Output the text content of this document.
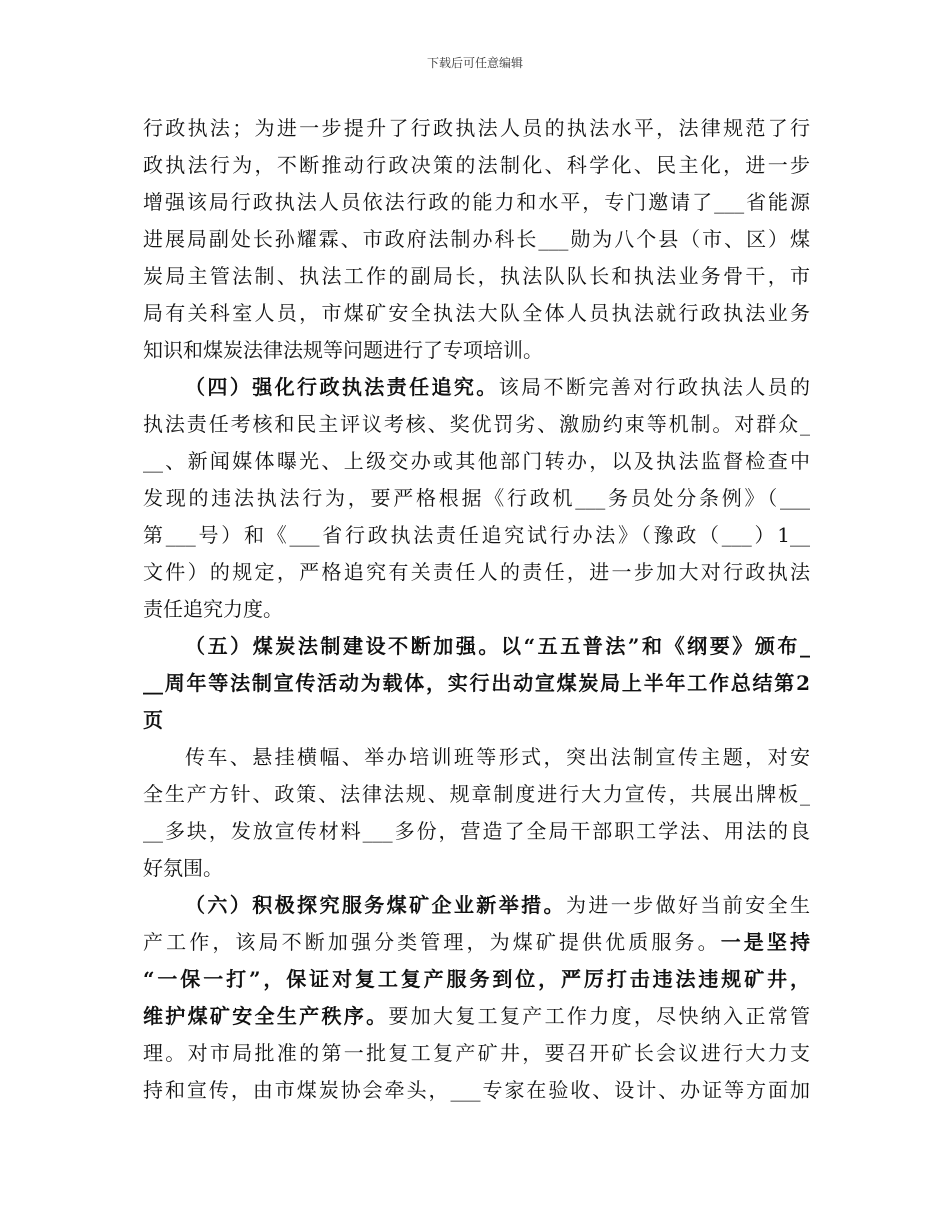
下载后可任意编辑
行政执法；为进一步提升了行政执法人员的执法水平，法律规范了行
政执法行为，不断推动行政决策的法制化、科学化、民主化，进一步
增强该局行政执法人员依法行政的能力和水平，专门邀请了___省能源
进展局副处长孙耀霖、市政府法制办科长___勋为八个县（市、区）煤
炭局主管法制、执法工作的副局长，执法队队长和执法业务骨干，市
局有关科室人员，市煤矿安全执法大队全体人员执法就行政执法业务
知识和煤炭法律法规等问题进行了专项培训。
（四）强化行政执法责任追究。该局不断完善对行政执法人员的
执法责任考核和民主评议考核、奖优罚劣、激励约束等机制。对群众_
__、新闻媒体曝光、上级交办或其他部门转办，以及执法监督检查中
发现的违法执法行为，要严格根据《行政机___务员处分条例》（___
第___号）和《___省行政执法责任追究试行办法》（豫政（___）1__
文件）的规定，严格追究有关责任人的责任，进一步加大对行政执法
责任追究力度。
（五）煤炭法制建设不断加强。以“五五普法”和《纲要》颁布_
__周年等法制宣传活动为载体，实行出动宣煤炭局上半年工作总结第2
页
传车、悬挂横幅、举办培训班等形式，突出法制宣传主题，对安
全生产方针、政策、法律法规、规章制度进行大力宣传，共展出牌板_
__多块，发放宣传材料___多份，营造了全局干部职工学法、用法的良
好氛围。
（六）积极探究服务煤矿企业新举措。为进一步做好当前安全生
产工作，该局不断加强分类管理，为煤矿提供优质服务。一是坚持
“一保一打”，保证对复工复产服务到位，严厉打击违法违规矿井，
维护煤矿安全生产秩序。要加大复工复产工作力度，尽快纳入正常管
理。对市局批准的第一批复工复产矿井，要召开矿长会议进行大力支
持和宣传，由市煤炭协会牵头，___专家在验收、设计、办证等方面加
